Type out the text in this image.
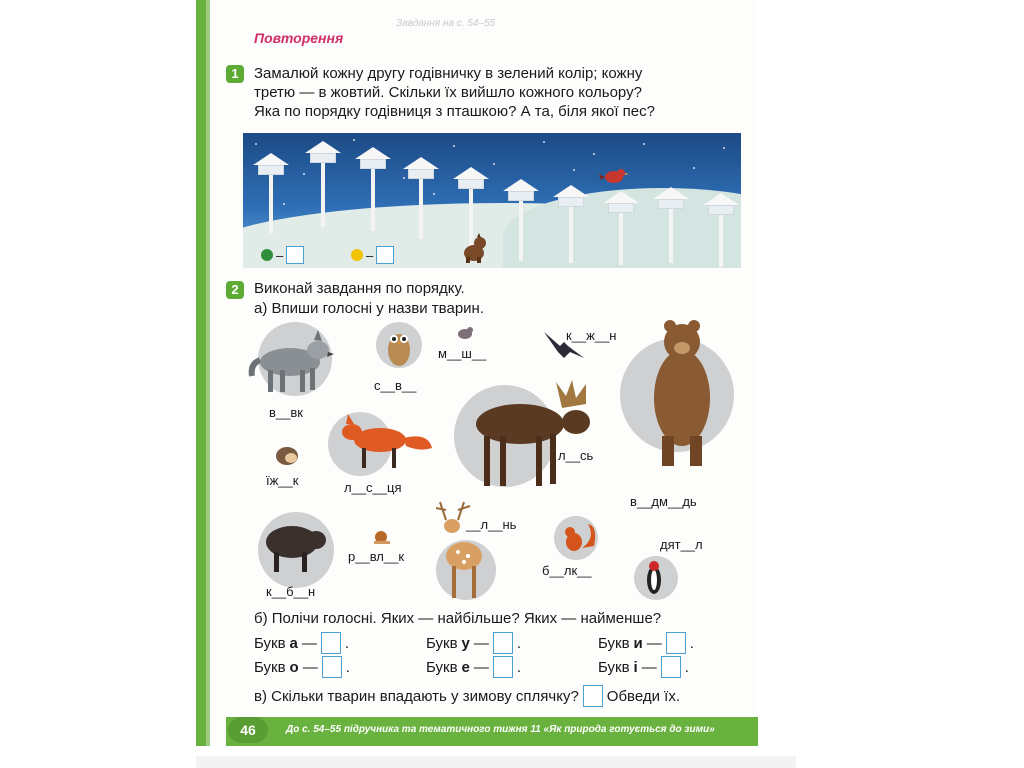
Завдання на с. 54–55
Повторення
1	Замалюй кожну другу годівничку в зелений колір; кожну
третю — в жовтий. Скільки їх вийшло кожного кольору?
Яка по порядку годівниця з пташкою? А та, біля якої пес?
–	–
2	Виконай завдання по порядку.
а) Впиши голосні у назви тварин.
в__вк
с__в__
м__ш__
к__ж__н
в__дм__дь
л__с__ця
їж__к
л__сь
к__б__н
р__вл__к
__л__нь
б__лк__
дят__л
б) Полічи голосні. Яких — найбільше? Яких — найменше?
Букв а — .	Букв у — .	Букв и — .
Букв о — .	Букв е — .	Букв і — .
в) Скільки тварин впадають у зимову сплячку? Обведи їх.
46	До с. 54–55 підручника та тематичного тижня 11 «Як природа готується до зими»
